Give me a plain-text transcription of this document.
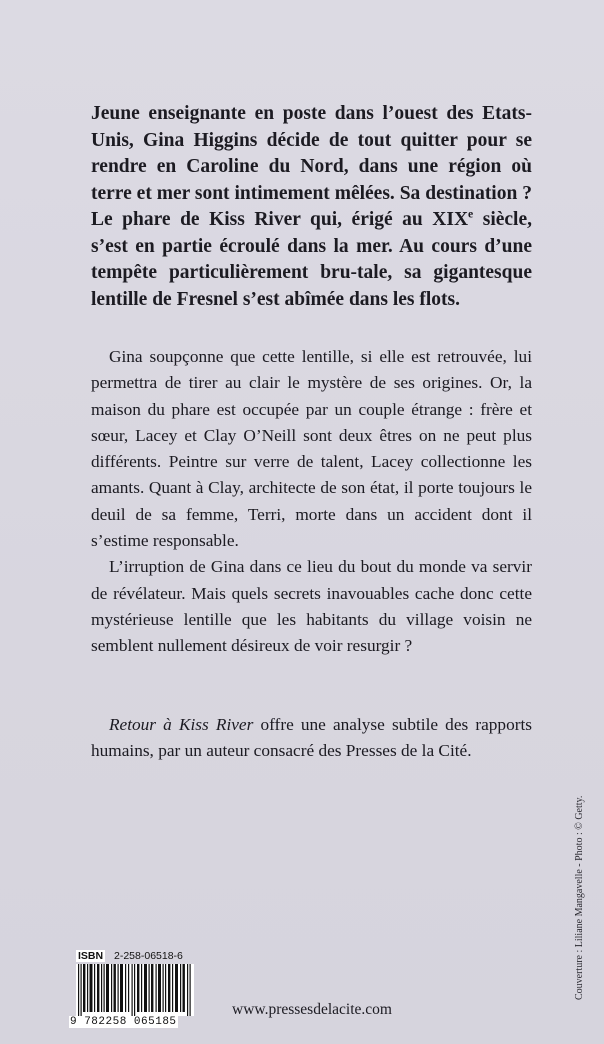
Jeune enseignante en poste dans l’ouest des Etats-Unis, Gina Higgins décide de tout quitter pour se rendre en Caroline du Nord, dans une région où terre et mer sont intimement mêlées. Sa destination ? Le phare de Kiss River qui, érigé au XIXe siècle, s’est en partie écroulé dans la mer. Au cours d’une tempête particulièrement bru-tale, sa gigantesque lentille de Fresnel s’est abîmée dans les flots.

Gina soupçonne que cette lentille, si elle est retrouvée, lui permettra de tirer au clair le mystère de ses origines. Or, la maison du phare est occupée par un couple étrange : frère et sœur, Lacey et Clay O’Neill sont deux êtres on ne peut plus différents. Peintre sur verre de talent, Lacey collectionne les amants. Quant à Clay, architecte de son état, il porte toujours le deuil de sa femme, Terri, morte dans un accident dont il s’estime responsable.

L’irruption de Gina dans ce lieu du bout du monde va servir de révélateur. Mais quels secrets inavouables cache donc cette mystérieuse lentille que les habitants du village voisin ne semblent nullement désireux de voir resurgir ?

Retour à Kiss River offre une analyse subtile des rapports humains, par un auteur consacré des Presses de la Cité.

Couverture : Liliane Mangavelle - Photo : © Getty.
ISBN 2-258-06518-6
9 782258 065185
www.pressesdelacite.com
